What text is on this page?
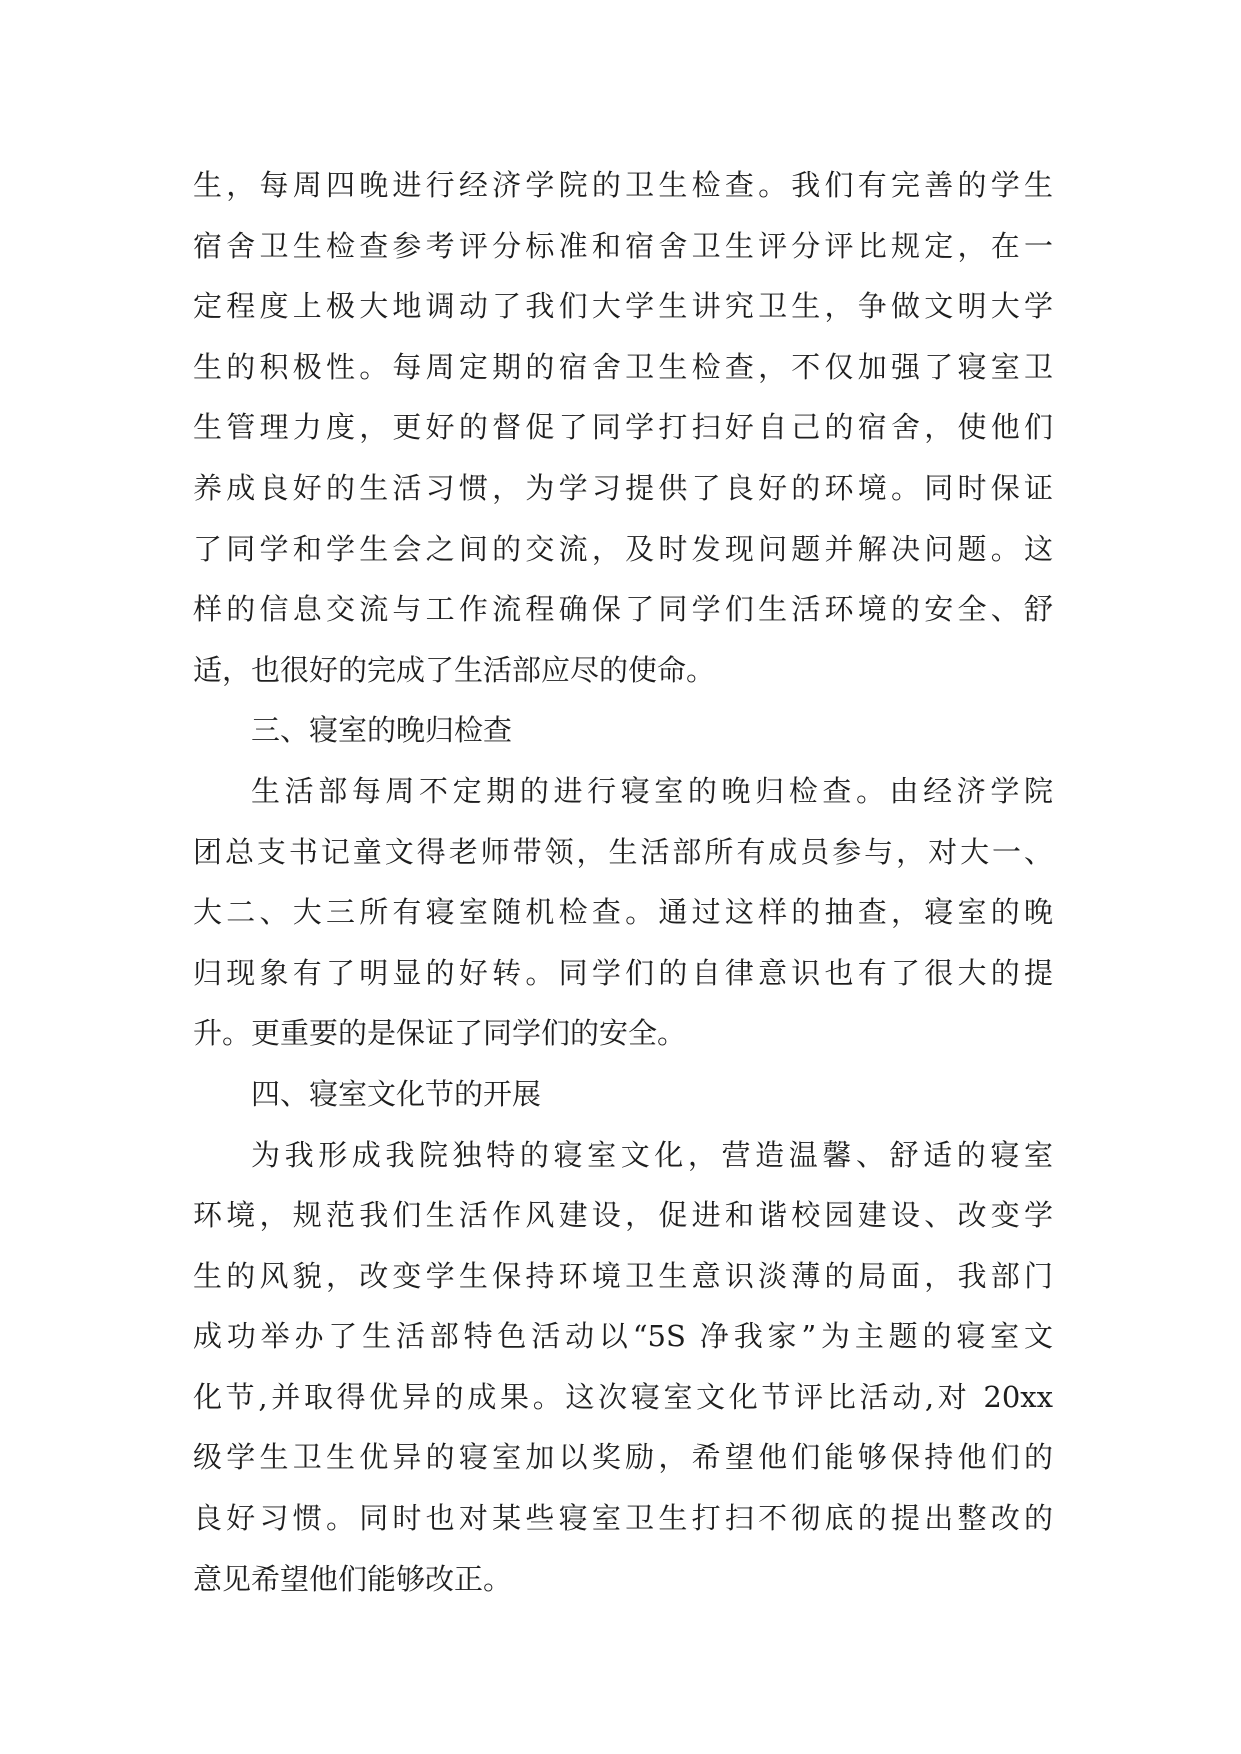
生，每周四晚进行经济学院的卫生检查。我们有完善的学生
宿舍卫生检查参考评分标准和宿舍卫生评分评比规定，在一
定程度上极大地调动了我们大学生讲究卫生，争做文明大学
生的积极性。每周定期的宿舍卫生检查，不仅加强了寝室卫
生管理力度，更好的督促了同学打扫好自己的宿舍，使他们
养成良好的生活习惯，为学习提供了良好的环境。同时保证
了同学和学生会之间的交流，及时发现问题并解决问题。这
样的信息交流与工作流程确保了同学们生活环境的安全、舒
适，也很好的完成了生活部应尽的使命。
三、寝室的晚归检查
生活部每周不定期的进行寝室的晚归检查。由经济学院
团总支书记童文得老师带领，生活部所有成员参与，对大一、
大二、大三所有寝室随机检查。通过这样的抽查，寝室的晚
归现象有了明显的好转。同学们的自律意识也有了很大的提
升。更重要的是保证了同学们的安全。
四、寝室文化节的开展
为我形成我院独特的寝室文化，营造温馨、舒适的寝室
环境，规范我们生活作风建设，促进和谐校园建设、改变学
生的风貌，改变学生保持环境卫生意识淡薄的局面，我部门
成功举办了生活部特色活动以“5S 净我家”为主题的寝室文
化节,并取得优异的成果。这次寝室文化节评比活动,对 20xx
级学生卫生优异的寝室加以奖励，希望他们能够保持他们的
良好习惯。同时也对某些寝室卫生打扫不彻底的提出整改的
意见希望他们能够改正。
